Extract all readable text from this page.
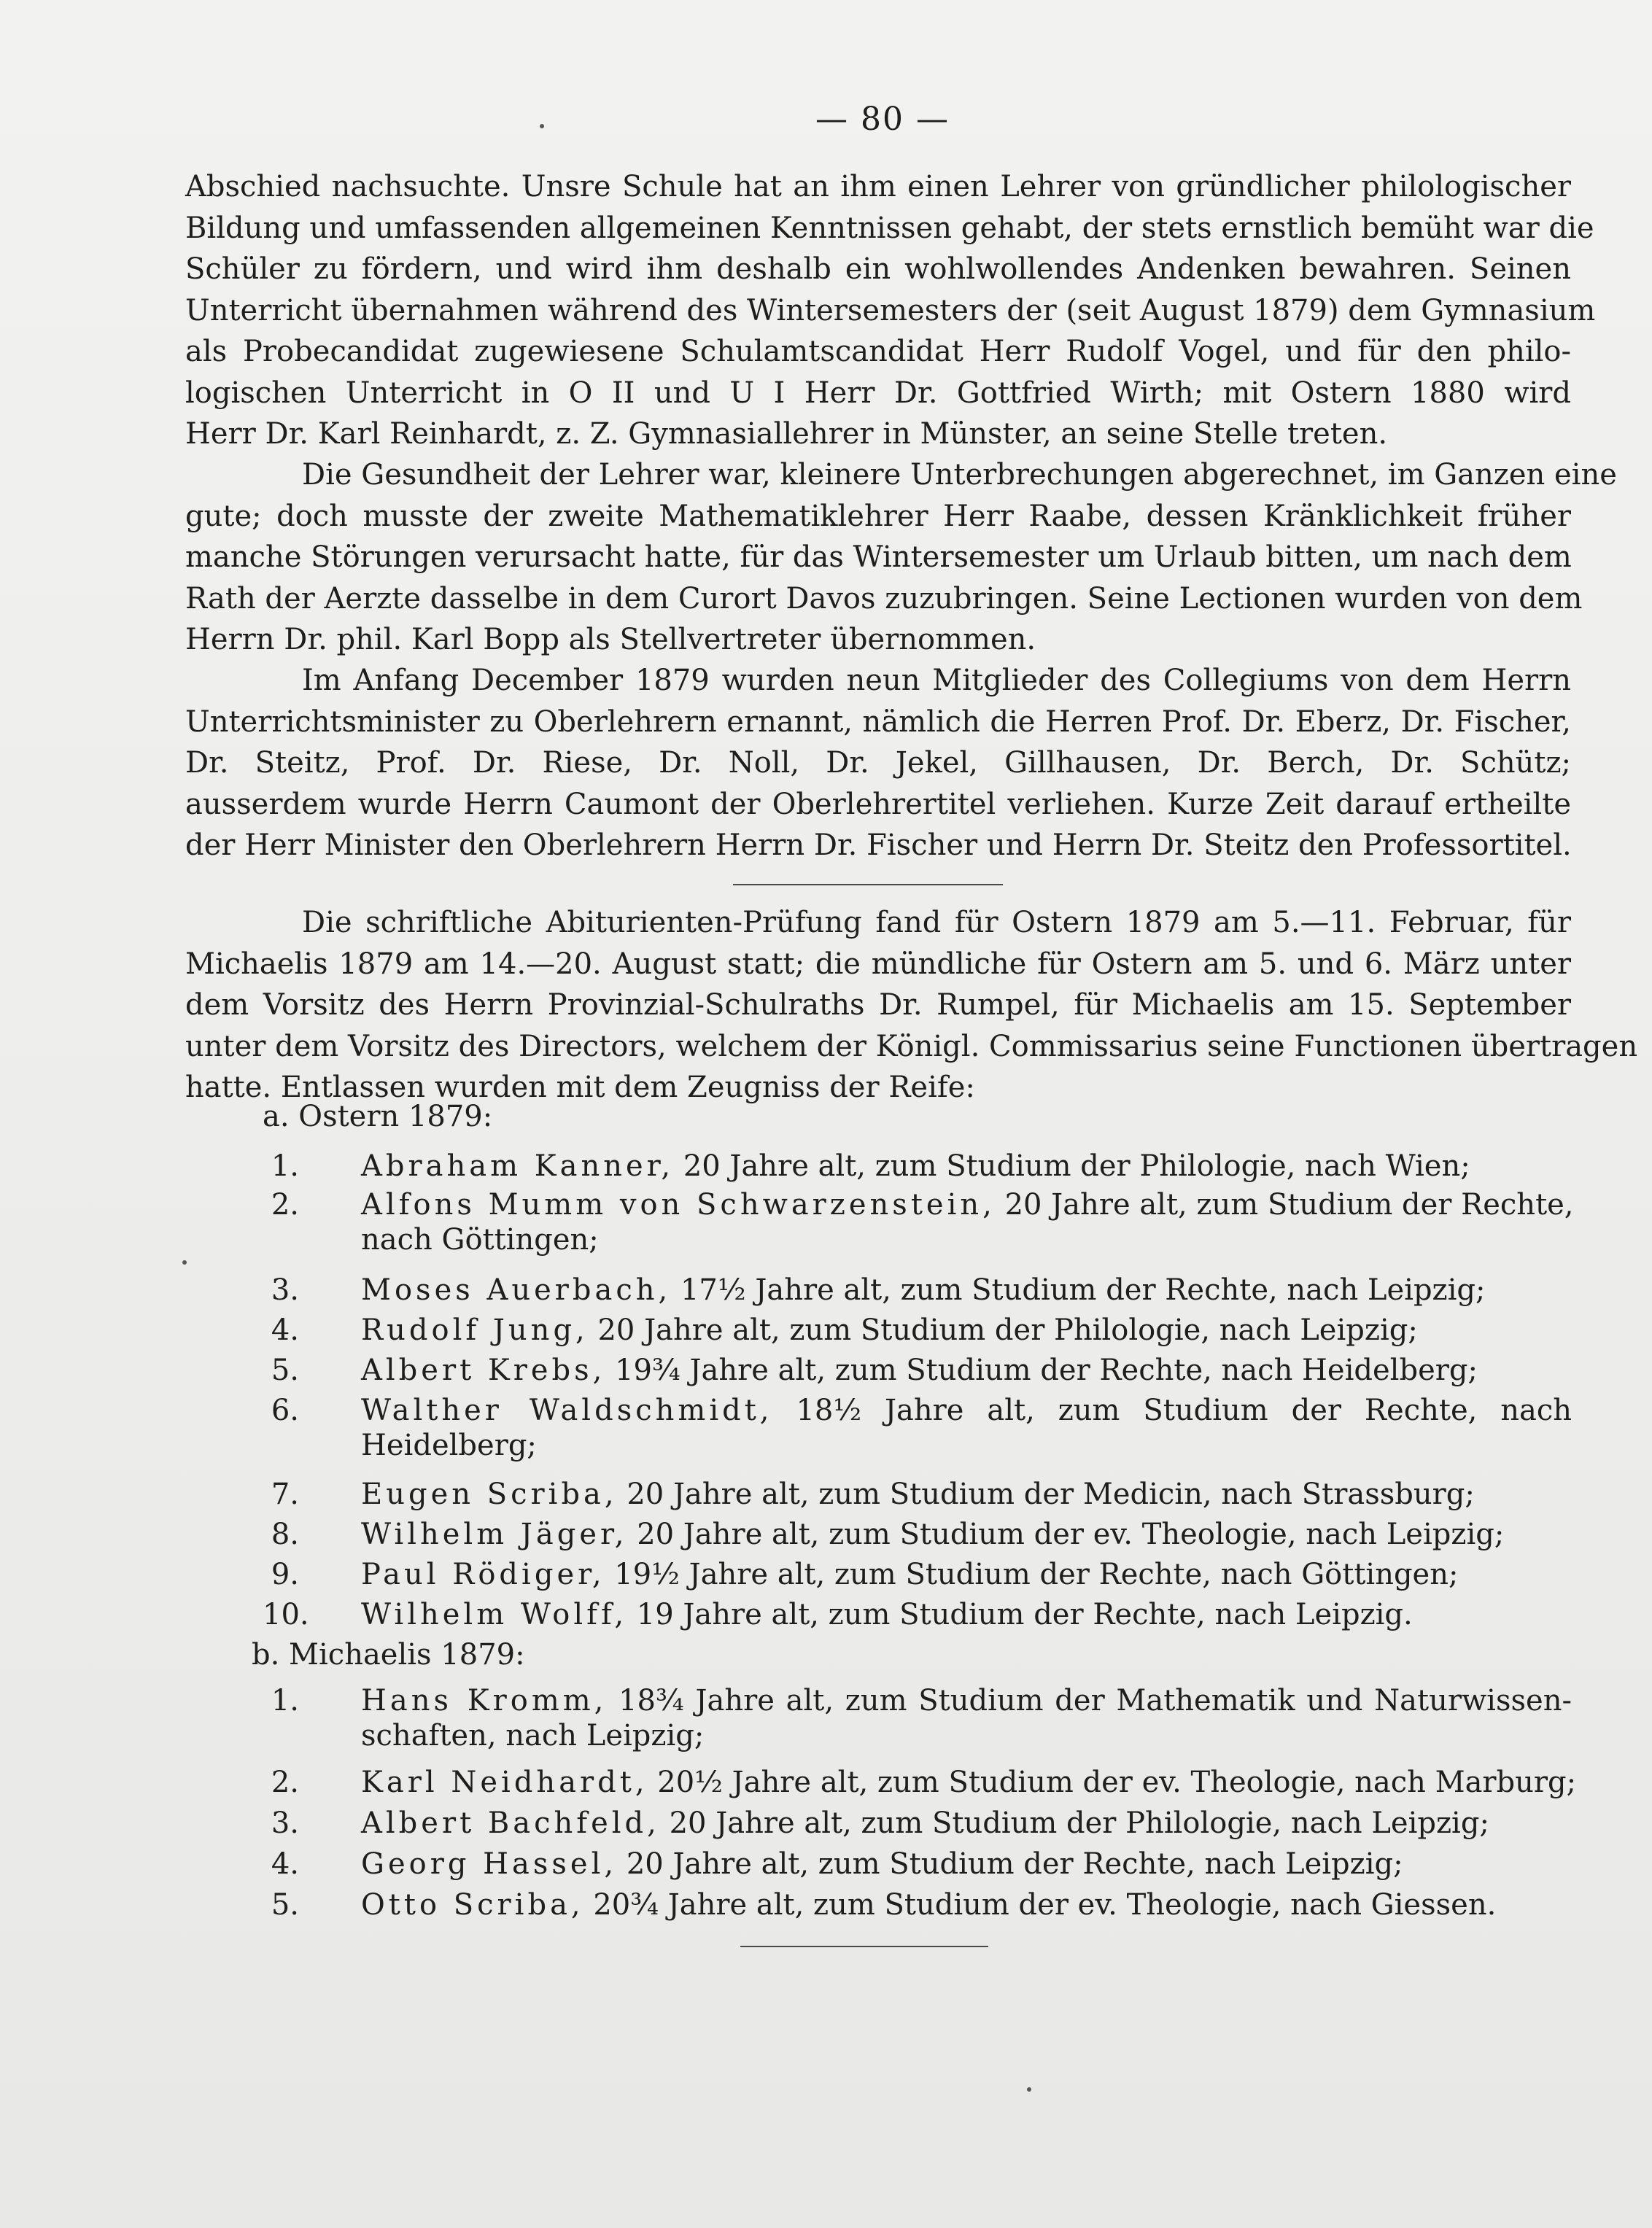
— 80 —
Abschied nachsuchte. Unsre Schule hat an ihm einen Lehrer von gründlicher philologischer
Bildung und umfassenden allgemeinen Kenntnissen gehabt, der stets ernstlich bemüht war die
Schüler zu fördern, und wird ihm deshalb ein wohlwollendes Andenken bewahren. Seinen
Unterricht übernahmen während des Wintersemesters der (seit August 1879) dem Gymnasium
als Probecandidat zugewiesene Schulamtscandidat Herr Rudolf Vogel, und für den philo-
logischen Unterricht in O II und U I Herr Dr. Gottfried Wirth; mit Ostern 1880 wird
Herr Dr. Karl Reinhardt, z. Z. Gymnasiallehrer in Münster, an seine Stelle treten.
Die Gesundheit der Lehrer war, kleinere Unterbrechungen abgerechnet, im Ganzen eine
gute; doch musste der zweite Mathematiklehrer Herr Raabe, dessen Kränklichkeit früher
manche Störungen verursacht hatte, für das Wintersemester um Urlaub bitten, um nach dem
Rath der Aerzte dasselbe in dem Curort Davos zuzubringen. Seine Lectionen wurden von dem
Herrn Dr. phil. Karl Bopp als Stellvertreter übernommen.
Im Anfang December 1879 wurden neun Mitglieder des Collegiums von dem Herrn
Unterrichtsminister zu Oberlehrern ernannt, nämlich die Herren Prof. Dr. Eberz, Dr. Fischer,
Dr. Steitz, Prof. Dr. Riese, Dr. Noll, Dr. Jekel, Gillhausen, Dr. Berch, Dr. Schütz;
ausserdem wurde Herrn Caumont der Oberlehrertitel verliehen. Kurze Zeit darauf ertheilte
der Herr Minister den Oberlehrern Herrn Dr. Fischer und Herrn Dr. Steitz den Professortitel.
Die schriftliche Abiturienten-Prüfung fand für Ostern 1879 am 5.—11. Februar, für
Michaelis 1879 am 14.—20. August statt; die mündliche für Ostern am 5. und 6. März unter
dem Vorsitz des Herrn Provinzial-Schulraths Dr. Rumpel, für Michaelis am 15. September
unter dem Vorsitz des Directors, welchem der Königl. Commissarius seine Functionen übertragen
hatte. Entlassen wurden mit dem Zeugniss der Reife:
a. Ostern 1879:
1. Abraham Kanner, 20 Jahre alt, zum Studium der Philologie, nach Wien;
2. Alfons Mumm von Schwarzenstein, 20 Jahre alt, zum Studium der Rechte,
nach Göttingen;
3. Moses Auerbach, 17½ Jahre alt, zum Studium der Rechte, nach Leipzig;
4. Rudolf Jung, 20 Jahre alt, zum Studium der Philologie, nach Leipzig;
5. Albert Krebs, 19¾ Jahre alt, zum Studium der Rechte, nach Heidelberg;
6. Walther Waldschmidt, 18½ Jahre alt, zum Studium der Rechte, nach
Heidelberg;
7. Eugen Scriba, 20 Jahre alt, zum Studium der Medicin, nach Strassburg;
8. Wilhelm Jäger, 20 Jahre alt, zum Studium der ev. Theologie, nach Leipzig;
9. Paul Rödiger, 19½ Jahre alt, zum Studium der Rechte, nach Göttingen;
10. Wilhelm Wolff, 19 Jahre alt, zum Studium der Rechte, nach Leipzig.
b. Michaelis 1879:
1. Hans Kromm, 18¾ Jahre alt, zum Studium der Mathematik und Naturwissen-
schaften, nach Leipzig;
2. Karl Neidhardt, 20½ Jahre alt, zum Studium der ev. Theologie, nach Marburg;
3. Albert Bachfeld, 20 Jahre alt, zum Studium der Philologie, nach Leipzig;
4. Georg Hassel, 20 Jahre alt, zum Studium der Rechte, nach Leipzig;
5. Otto Scriba, 20¾ Jahre alt, zum Studium der ev. Theologie, nach Giessen.
